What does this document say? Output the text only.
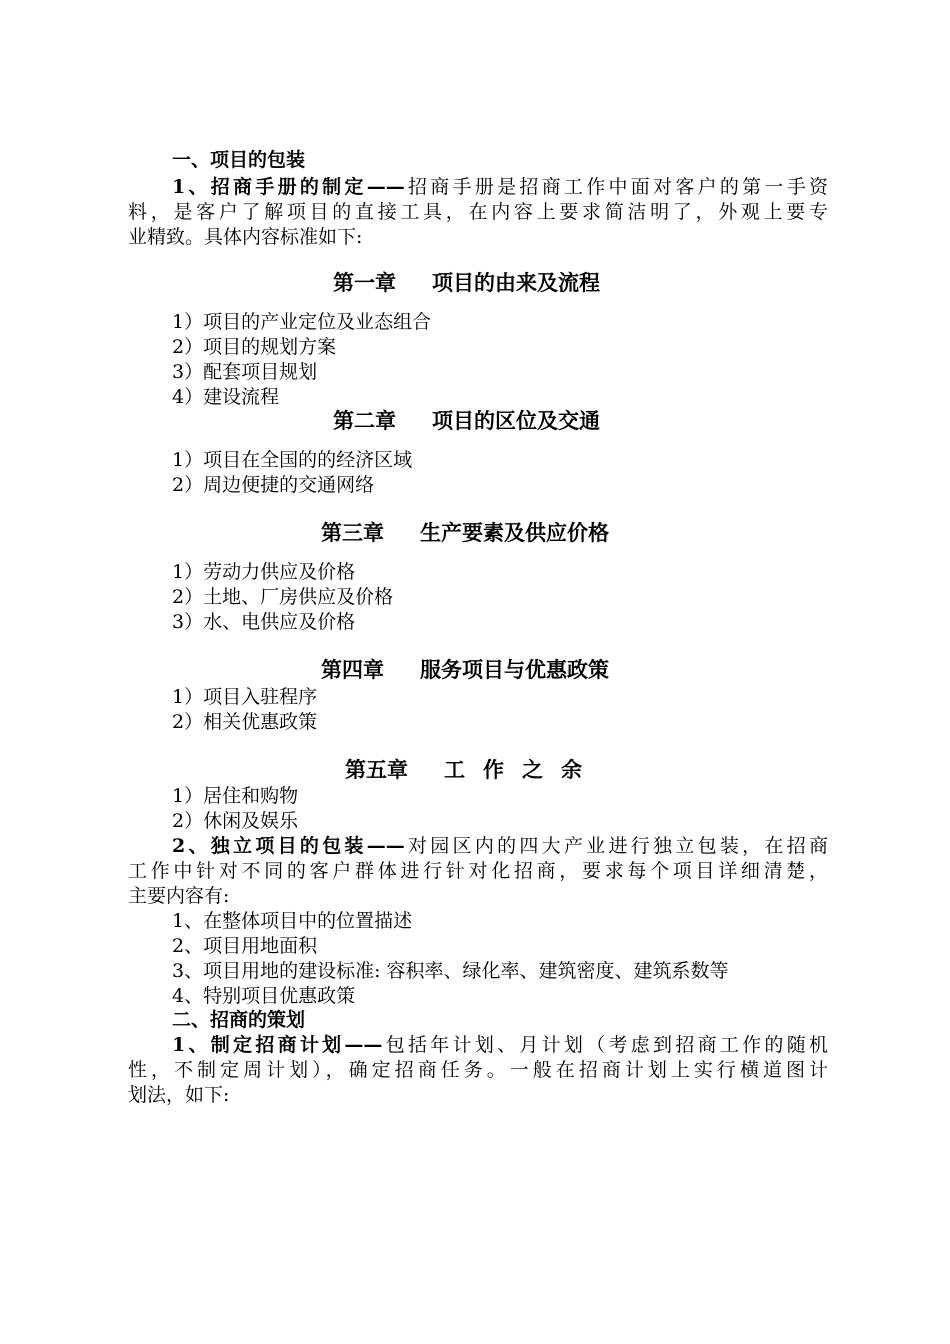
一、项目的包装
1、招商手册的制定——招商手册是招商工作中面对客户的第一手资
料，是客户了解项目的直接工具，在内容上要求简洁明了，外观上要专
业精致。具体内容标准如下:
第一章 项目的由来及流程
1）项目的产业定位及业态组合
2）项目的规划方案
3）配套项目规划
4）建设流程
第二章 项目的区位及交通
1）项目在全国的的经济区域
2）周边便捷的交通网络
第三章 生产要素及供应价格
1）劳动力供应及价格
2）土地、厂房供应及价格
3）水、电供应及价格
第四章 服务项目与优惠政策
1）项目入驻程序
2）相关优惠政策
第五章 工作之余
1）居住和购物
2）休闲及娱乐
2、独立项目的包装——对园区内的四大产业进行独立包装，在招商
工作中针对不同的客户群体进行针对化招商，要求每个项目详细清楚，
主要内容有:
1、在整体项目中的位置描述
2、项目用地面积
3、项目用地的建设标准: 容积率、绿化率、建筑密度、建筑系数等
4、特别项目优惠政策
二、招商的策划
1、制定招商计划——包括年计划、月计划（考虑到招商工作的随机
性，不制定周计划），确定招商任务。一般在招商计划上实行横道图计
划法，如下:
